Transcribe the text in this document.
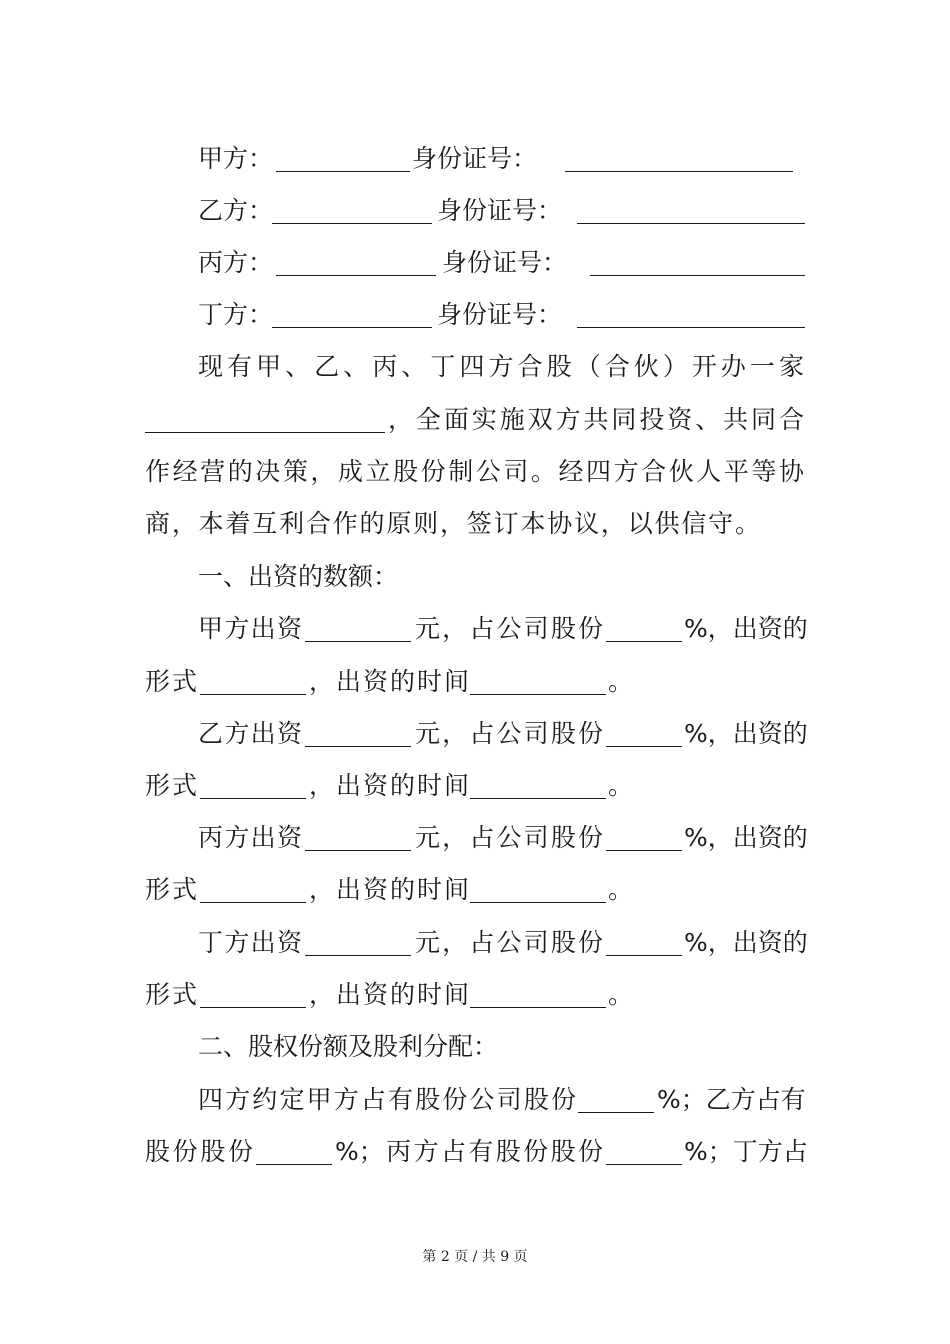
甲方：	身份证号：
乙方：	身份证号：
丙方：	身份证号：
丁方：	身份证号：
现有甲、乙、丙、丁四方合股（合伙）开办一家
，全面实施双方共同投资、共同合
作经营的决策，成立股份制公司。经四方合伙人平等协
商，本着互利合作的原则，签订本协议，以供信守。
一、出资的数额：
甲方出资	元，占公司股份	%，出资的
形式	，出资的时间	。
乙方出资	元，占公司股份	%，出资的
形式	，出资的时间	。
丙方出资	元，占公司股份	%，出资的
形式	，出资的时间	。
丁方出资	元，占公司股份	%，出资的
形式	，出资的时间	。
二、股权份额及股利分配：
四方约定甲方占有股份公司股份	%；乙方占有
股份股份	%；丙方占有股份股份	%；丁方占
第 2 页 / 共 9 页
